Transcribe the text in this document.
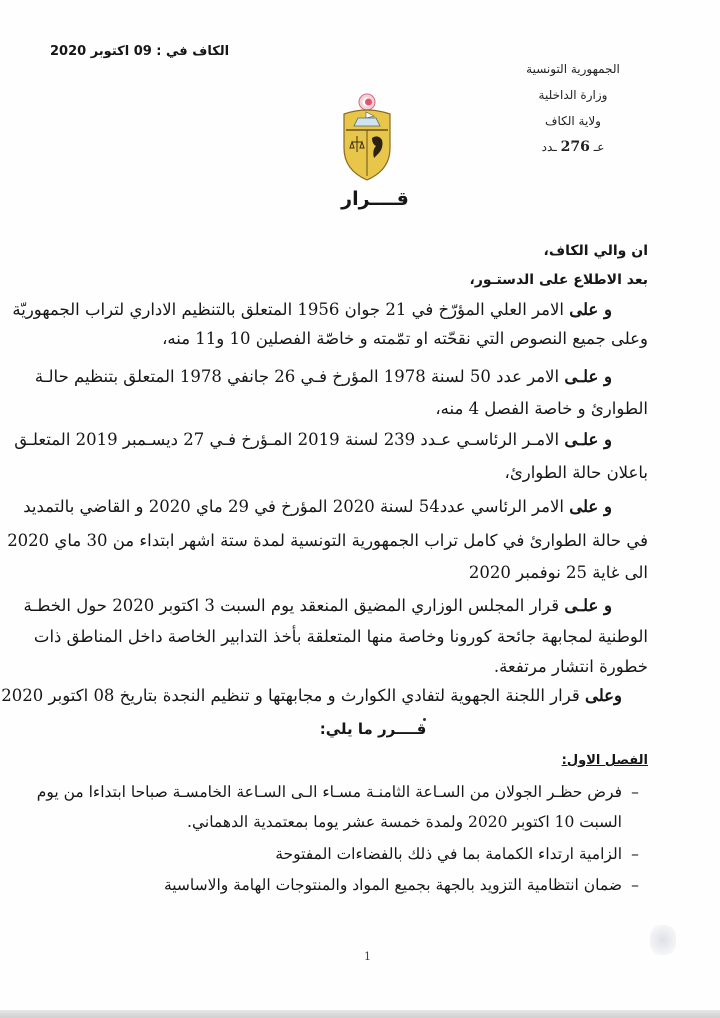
الكاف في : 09 اكتوبر 2020
الجمهورية التونسية
وزارة الداخلية
ولاية الكاف
عـ 276 ـدد
قــــرار
ان والي الكاف،
بعد الاطلاع على الدستـور،
و على الامر العلي المؤرّخ في 21 جوان 1956 المتعلق بالتنظيم الاداري لتراب الجمهوريّة
وعلى جميع النصوص التي نقحّته او تمّمته و خاصّة الفصلين 10 و11 منه،
و علـى الامر عدد 50 لسنة 1978 المؤرخ فـي 26 جانفي 1978 المتعلق بتنظيم حالـة
الطوارئ و خاصة الفصل 4 منه،
و علـى الامـر الرئاسـي عـدد 239 لسنة 2019 المـؤرخ فـي 27 ديسـمبر 2019 المتعلـق
باعلان حالة الطوارئ،
و على الامر الرئاسي عدد54 لسنة 2020 المؤرخ في 29 ماي 2020 و القاضي بالتمديد
في حالة الطوارئ في كامل تراب الجمهورية التونسية لمدة ستة اشهر ابتداء من 30 ماي 2020
الى غاية 25 نوفمبر 2020
و علـى قرار المجلس الوزاري المضيق المنعقد يوم السبت 3 اكتوبر 2020 حول الخطـة
الوطنية لمجابهة جائحة كورونا وخاصة منها المتعلقة بأخذ التدابير الخاصة داخل المناطق ذات
خطورة انتشار مرتفعة.
وعلى قرار اللجنة الجهوية لتفادي الكوارث و مجابهتها و تنظيم النجدة بتاريخ 08 اكتوبر 2020
قــــرر ما يلي:
الفصل الاول:
–فرض حظـر الجولان من السـاعة الثامنـة مسـاء الـى السـاعة الخامسـة صباحا ابتداءا من يوم
السبت 10 اكتوبر 2020 ولمدة خمسة عشر يوما بمعتمدية الدهماني.
–الزامية ارتداء الكمامة بما في ذلك بالفضاءات المفتوحة
–ضمان انتظامية التزويد بالجهة بجميع المواد والمنتوجات الهامة والاساسية
1
